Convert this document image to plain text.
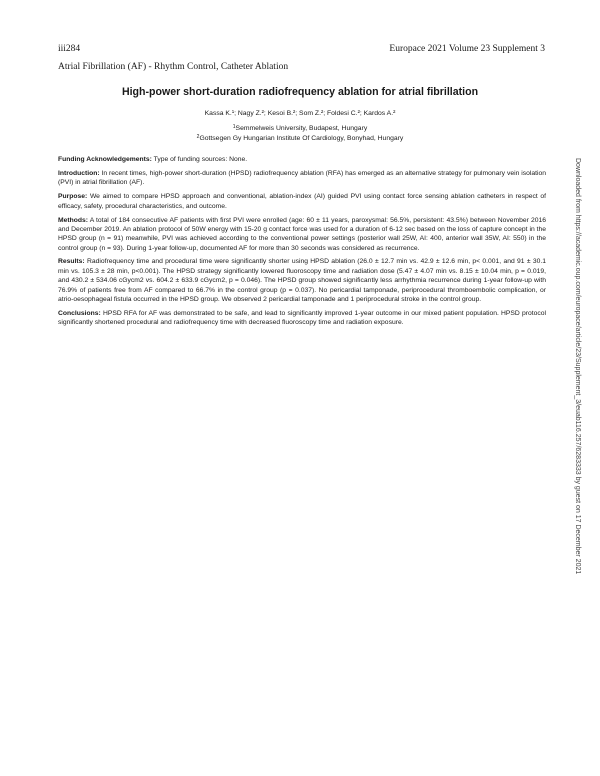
iii284	Europace 2021 Volume 23 Supplement 3
Atrial Fibrillation (AF) - Rhythm Control, Catheter Ablation
High-power short-duration radiofrequency ablation for atrial fibrillation
Kassa K.¹; Nagy Z.²; Kesoi B.²; Som Z.²; Foldesi C.²; Kardos A.²
$^1$Semmelweis University, Budapest, Hungary
$^2$Gottsegen Gy Hungarian Institute Of Cardiology, Bonyhad, Hungary

Funding Acknowledgements: Type of funding sources: None.

Introduction: In recent times, high-power short-duration (HPSD) radiofrequency ablation (RFA) has emerged as an alternative strategy for pulmonary vein isolation (PVI) in atrial fibrillation (AF).

Purpose: We aimed to compare HPSD approach and conventional, ablation-index (AI) guided PVI using contact force sensing ablation catheters in respect of efficacy, safety, procedural characteristics, and outcome.

Methods: A total of 184 consecutive AF patients with first PVI were enrolled (age: 60 ± 11 years, paroxysmal: 56.5%, persistent: 43.5%) between November 2016 and December 2019. An ablation protocol of 50W energy with 15-20 g contact force was used for a duration of 6-12 sec based on the loss of capture concept in the HPSD group (n = 91) meanwhile, PVI was achieved according to the conventional power settings (posterior wall 25W, AI: 400, anterior wall 35W, AI: 550) in the control group (n = 93). During 1-year follow-up, documented AF for more than 30 seconds was considered as recurrence.

Results: Radiofrequency time and procedural time were significantly shorter using HPSD ablation (26.0 ± 12.7 min vs. 42.9 ± 12.6 min, p< 0.001, and 91 ± 30.1 min vs. 105.3 ± 28 min, p<0.001). The HPSD strategy significantly lowered fluoroscopy time and radiation dose (5.47 ± 4.07 min vs. 8.15 ± 10.04 min, p = 0.019, and 430.2 ± 534.06 cGycm2 vs. 604.2 ± 633.9 cGycm2, p = 0.046). The HPSD group showed significantly less arrhythmia recurrence during 1-year follow-up with 76.9% of patients free from AF compared to 66.7% in the control group (p = 0.037). No pericardial tamponade, periprocedural thromboembolic complication, or atrio-oesophageal fistula occurred in the HPSD group. We observed 2 pericardial tamponade and 1 periprocedural stroke in the control group.

Conclusions: HPSD RFA for AF was demonstrated to be safe, and lead to significantly improved 1-year outcome in our mixed patient population. HPSD protocol significantly shortened procedural and radiofrequency time with decreased fluoroscopy time and radiation exposure.	Downloaded from https://academic.oup.com/europace/article/23/Supplement_3/euab116.257/6283333 by guest on 17 December 2021
